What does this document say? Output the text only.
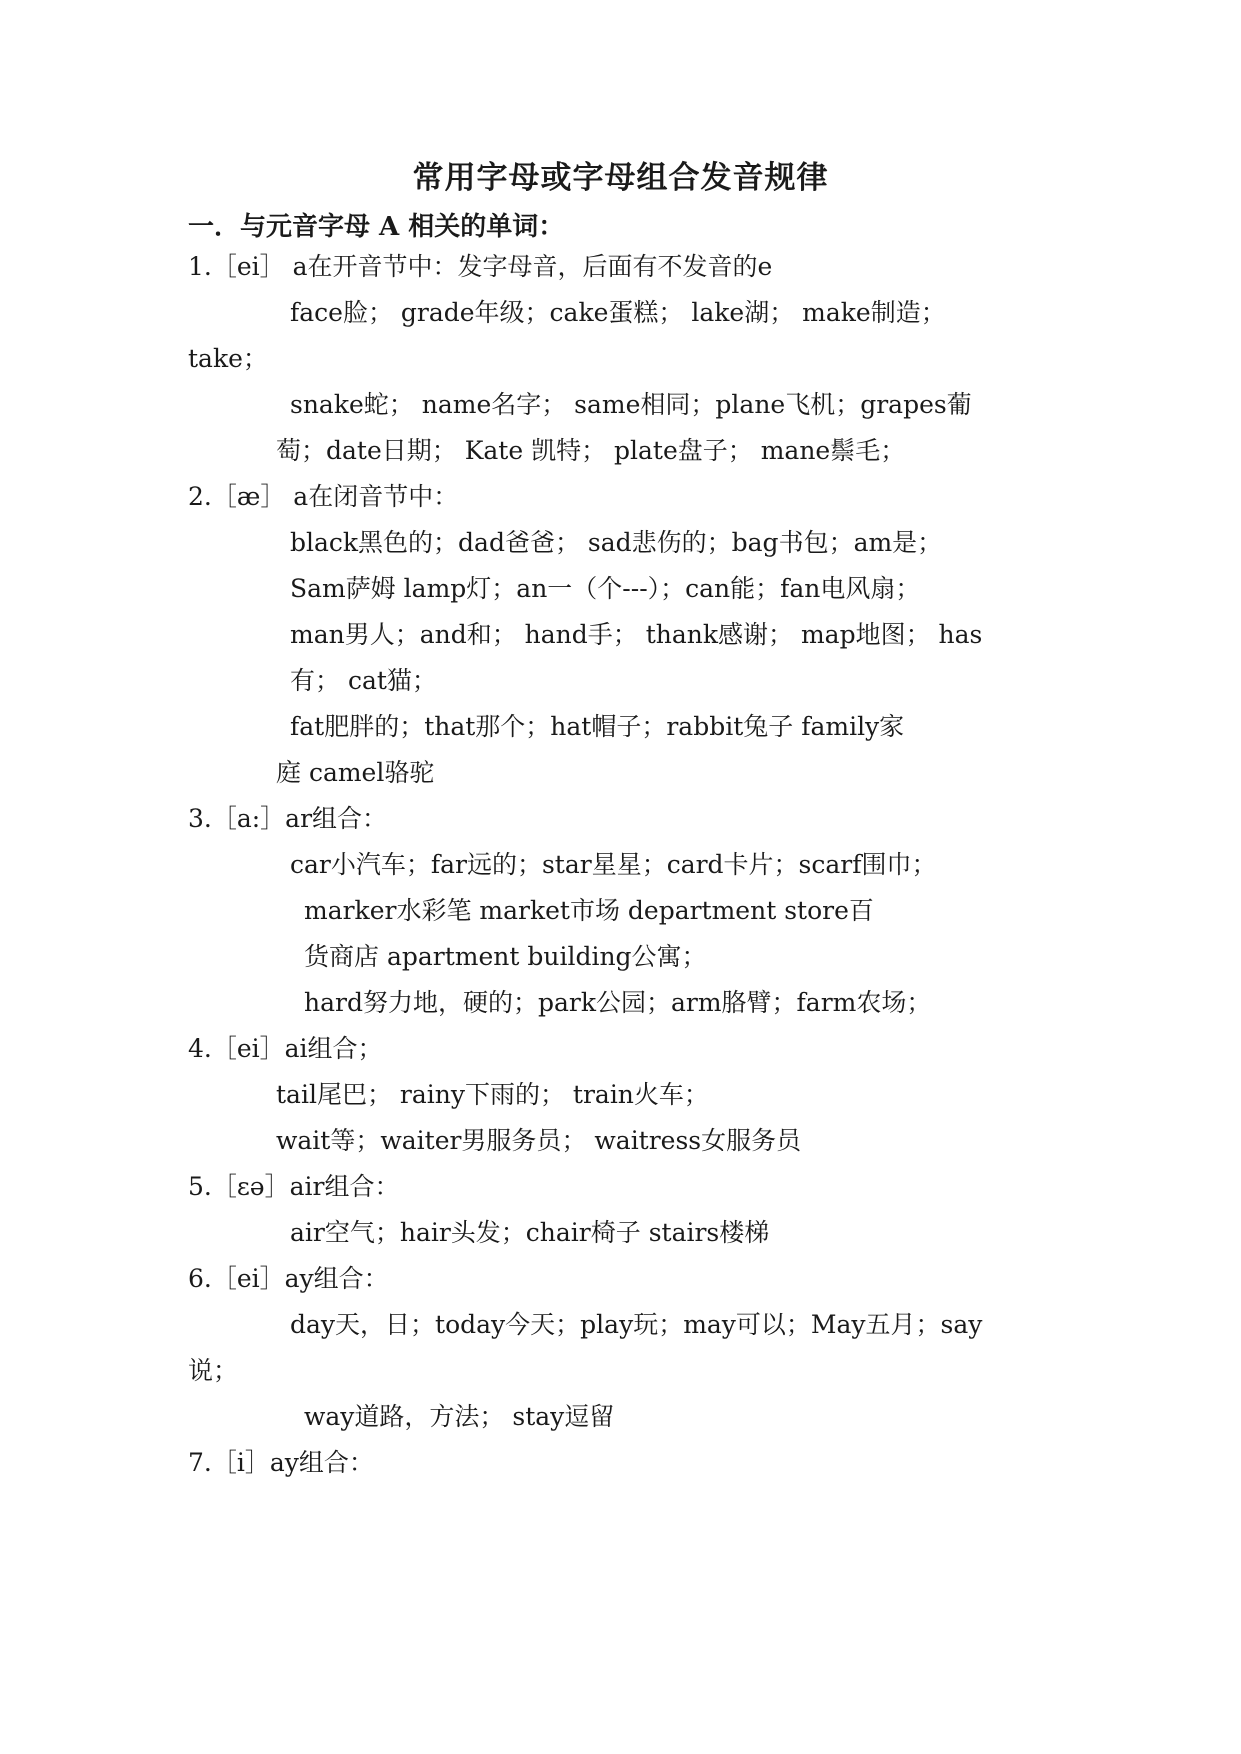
常用字母或字母组合发音规律
一．与元音字母 A 相关的单词：
1.［ei］ a在开音节中：发字母音，后面有不发音的e
face脸； grade年级；cake蛋糕； lake湖； make制造；
take；
snake蛇； name名字； same相同；plane飞机；grapes葡
萄；date日期； Kate 凯特； plate盘子； mane鬃毛；
2.［æ］ a在闭音节中：
black黑色的；dad爸爸； sad悲伤的；bag书包；am是；
Sam萨姆 lamp灯；an一（个---）；can能；fan电风扇；
man男人；and和； hand手； thank感谢； map地图； has
有； cat猫；
fat肥胖的；that那个；hat帽子；rabbit兔子 family家
庭 camel骆驼
3.［a:］ar组合：
car小汽车；far远的；star星星；card卡片；scarf围巾；
marker水彩笔 market市场 department store百
货商店 apartment building公寓；
hard努力地，硬的；park公园；arm胳臂；farm农场；
4.［ei］ai组合；
tail尾巴； rainy下雨的； train火车；
wait等；waiter男服务员； waitress女服务员
5.［εə］air组合：
air空气；hair头发；chair椅子 stairs楼梯
6.［ei］ay组合：
day天，日；today今天；play玩；may可以；May五月；say
说；
way道路，方法； stay逗留
7.［i］ay组合：
